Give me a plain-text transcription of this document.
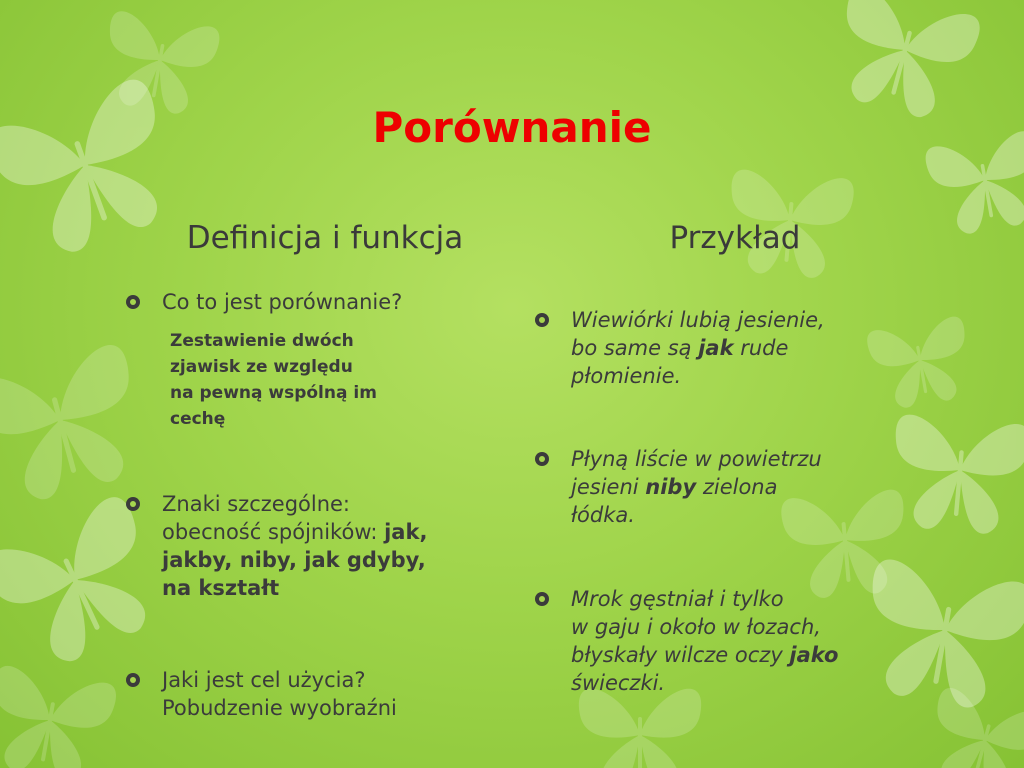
Porównanie
Definicja i funkcja	Przykład
Co to jest porównanie?
Zestawienie dwóch
zjawisk ze względu
na pewną wspólną im
cechę
Znaki szczególne:
obecność spójników: jak,
jakby, niby, jak gdyby,
na kształt
Jaki jest cel użycia?
Pobudzenie wyobraźni
Wiewiórki lubią jesienie,
bo same są jak rude
płomienie.
Płyną liście w powietrzu
jesieni niby zielona
łódka.
Mrok gęstniał i tylko
w gaju i około w łozach,
błyskały wilcze oczy jako
świeczki.
